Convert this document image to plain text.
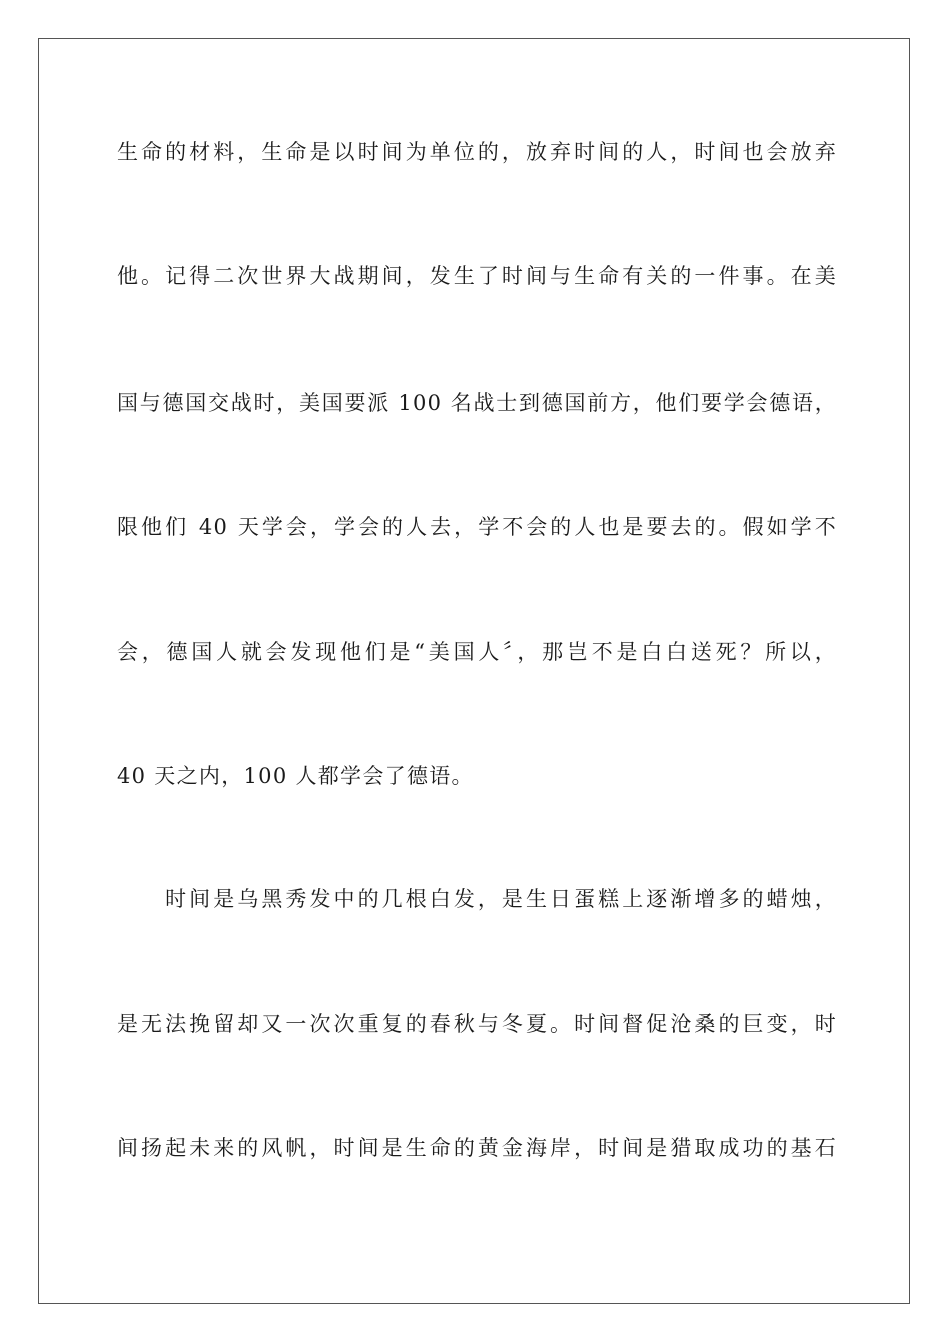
生命的材料，生命是以时间为单位的，放弃时间的人，时间也会放弃
他。记得二次世界大战期间，发生了时间与生命有关的一件事。在美
国与德国交战时，美国要派 100 名战士到德国前方，他们要学会德语，
限他们 40 天学会，学会的人去，学不会的人也是要去的。假如学不
会，德国人就会发现他们是“美国人〞，那岂不是白白送死？所以，
40 天之内，100 人都学会了德语。
　　时间是乌黑秀发中的几根白发，是生日蛋糕上逐渐增多的蜡烛，
是无法挽留却又一次次重复的春秋与冬夏。时间督促沧桑的巨变，时
间扬起未来的风帆，时间是生命的黄金海岸，时间是猎取成功的基石
